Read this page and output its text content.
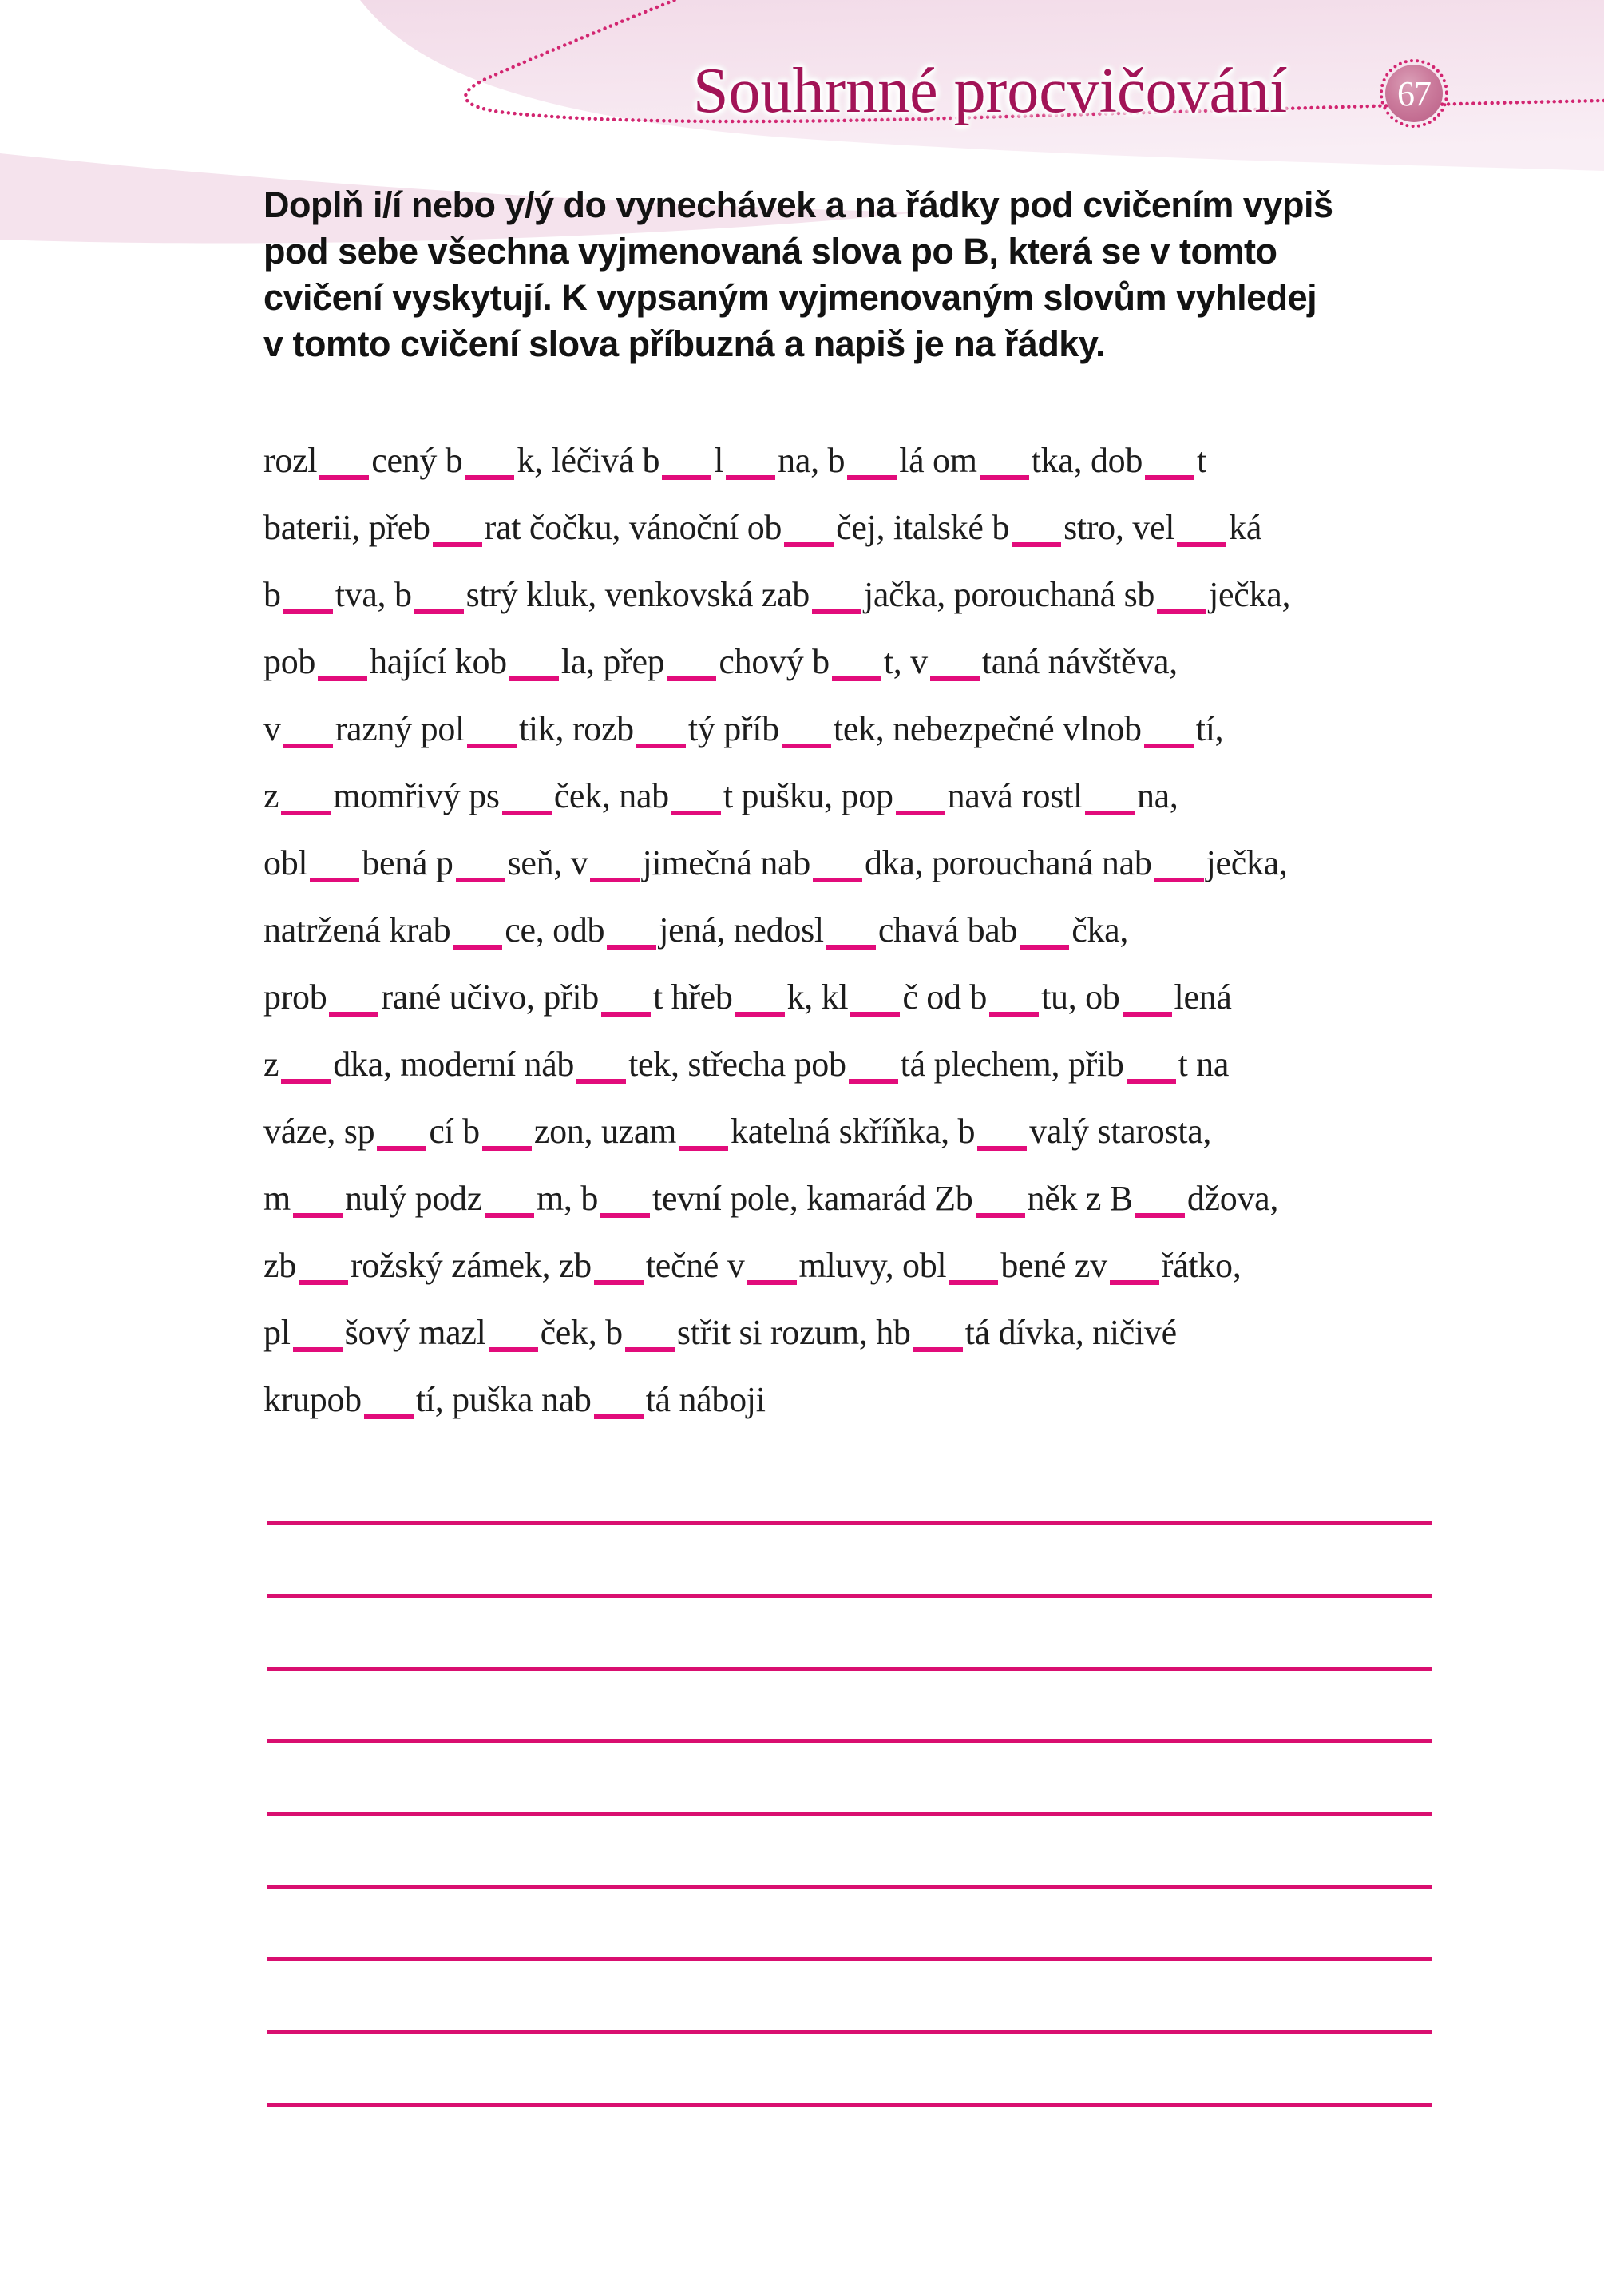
Souhrnné procvičování	67
Doplň i/í nebo y/ý do vynechávek a na řádky pod cvičením vypiš
pod sebe všechna vyjmenovaná slova po B, která se v tomto
cvičení vyskytují. K vypsaným vyjmenovaným slovům vyhledej
v tomto cvičení slova příbuzná a napiš je na řádky.
rozl cený b k, léčivá b l na, b lá om tka, dob t
baterii, přeb rat čočku, vánoční ob čej, italské b stro, vel ká
b tva, b strý kluk, venkovská zab jačka, porouchaná sb ječka,
pob hající kob la, přep chový b t, v taná návštěva,
v razný pol tik, rozb tý příb tek, nebezpečné vlnob tí,
z momřivý ps ček, nab t pušku, pop navá rostl na,
obl bená p seň, v jimečná nab dka, porouchaná nab ječka,
natržená krab ce, odb jená, nedosl chavá bab čka,
prob rané učivo, přib t hřeb k, kl č od b tu, ob lená
z dka, moderní náb tek, střecha pob tá plechem, přib t na
váze, sp cí b zon, uzam katelná skříňka, b valý starosta,
m nulý podz m, b tevní pole, kamarád Zb něk z B džova,
zb rožský zámek, zb tečné v mluvy, obl bené zv řátko,
pl šový mazl ček, b střit si rozum, hb tá dívka, ničivé
krupob tí, puška nab tá náboji
